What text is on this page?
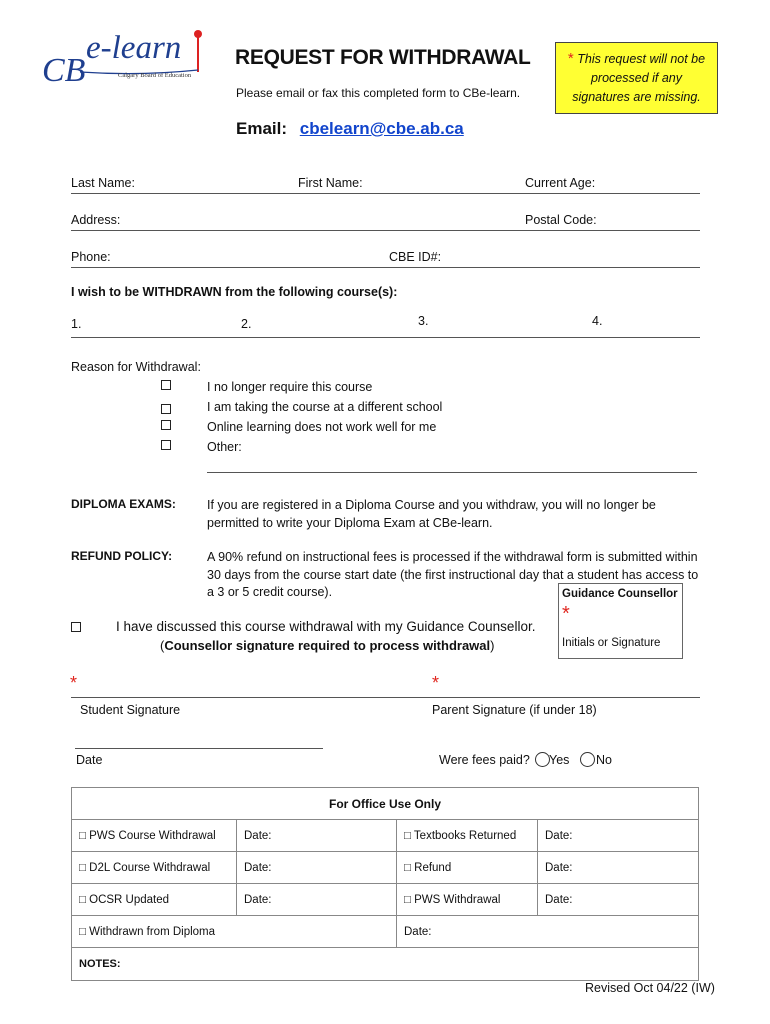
CB
e-learn
Calgary Board of Education
REQUEST FOR WITHDRAWAL
Please email or fax this completed form to CBe-learn.
* This request will not be processed if any signatures are missing.
Email: cbelearn@cbe.ab.ca
Last Name:	First Name:	Current Age:
Address:	Postal Code:
Phone:	CBE ID#:
I wish to be WITHDRAWN from the following course(s):
1.	2.	3.	4.
Reason for Withdrawal:
I no longer require this course
I am taking the course at a different school
Online learning does not work well for me
Other:
DIPLOMA EXAMS: If you are registered in a Diploma Course and you withdraw, you will no longer be permitted to write your Diploma Exam at CBe-learn.
REFUND POLICY:	A 90% refund on instructional fees is processed if the withdrawal form is submitted within 30 days from the course start date (the first instructional day that a student has access to a 3 or 5 credit course).	Guidance Counsellor
*
Initials or Signature
I have discussed this course withdrawal with my Guidance Counsellor.
(Counsellor signature required to process withdrawal)
*	*
Student Signature	Parent Signature (if under 18)
Date	Were fees paid? Yes No
For Office Use Only			
□ PWS Course Withdrawal	Date:	□ Textbooks Returned	Date:
□ D2L Course Withdrawal	Date:	□ Refund	Date:
□ OCSR Updated	Date:	□ PWS Withdrawal	Date:
□ Withdrawn from Diploma		Date:	
NOTES:			
Revised Oct 04/22 (IW)
